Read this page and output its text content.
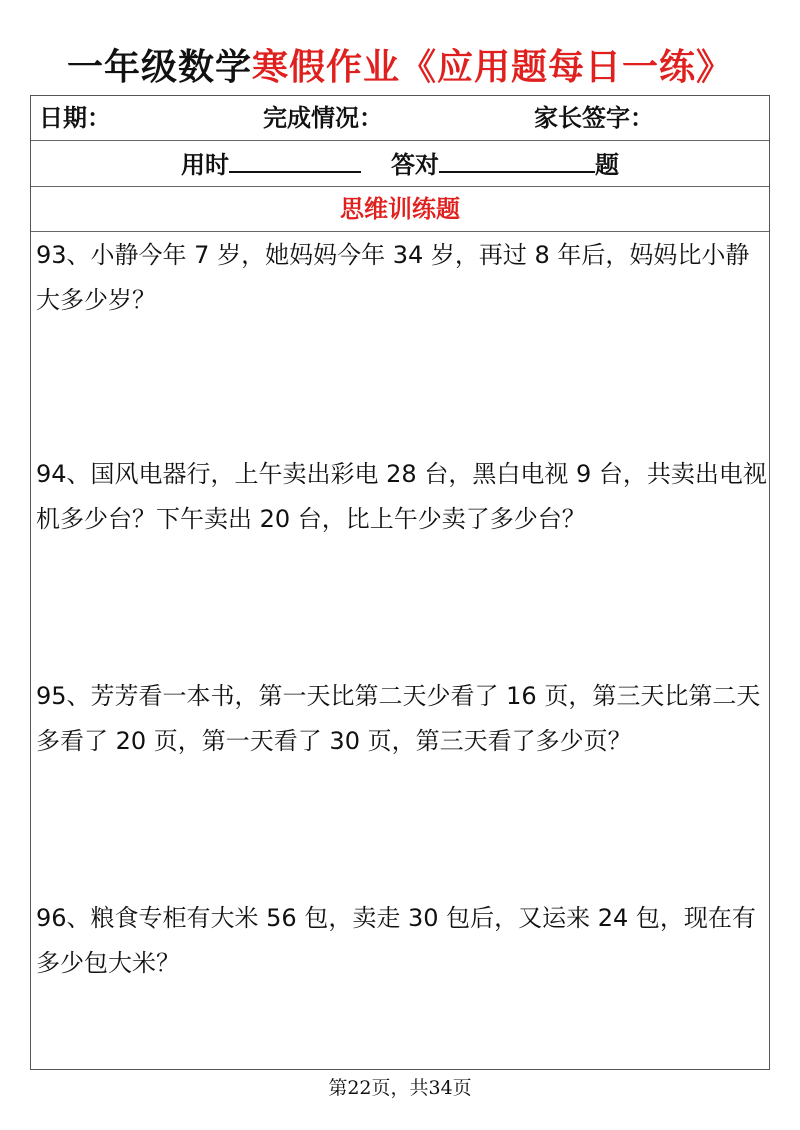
一年级数学寒假作业《应用题每日一练》
日期：	完成情况：	家长签字：
用时	答对	题
思维训练题
93、小静今年 7 岁，她妈妈今年 34 岁，再过 8 年后，妈妈比小静大多少岁？
94、国风电器行，上午卖出彩电 28 台，黑白电视 9 台，共卖出电视机多少台？下午卖出 20 台，比上午少卖了多少台？
95、芳芳看一本书，第一天比第二天少看了 16 页，第三天比第二天多看了 20 页，第一天看了 30 页，第三天看了多少页？
96、粮食专柜有大米 56 包，卖走 30 包后，又运来 24 包，现在有多少包大米？
第22页，共34页
